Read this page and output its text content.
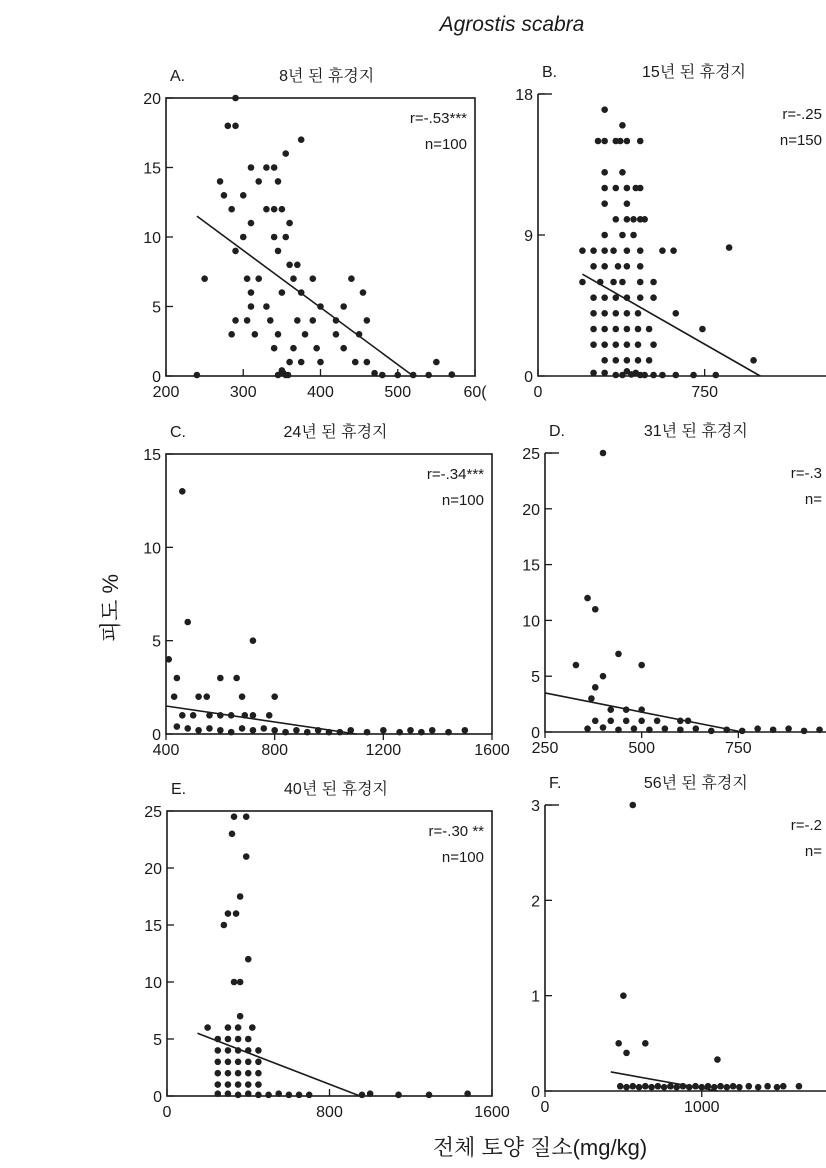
Agrostis scabra
피도 %
전체 토양 질소(mg/kg)
0
5
10
15
20
200	300	400	500	60(
A.	8년 된 휴경지
r=-.53***
n=100
0
9
18
0	750
B.	15년 된 휴경지
r=-.25
n=150
0
5
10
15
400	800	1200	1600
C.	24년 된 휴경지
r=-.34***
n=100
0
5
10
15
20
25
250	500	750
D.	31년 된 휴경지
r=-.3
n=
0
5
10
15
20
25
0	800	1600
E.	40년 된 휴경지
r=-.30 **
n=100
0
1
2
3
0	1000
F.	56년 된 휴경지
r=-.2
n=
